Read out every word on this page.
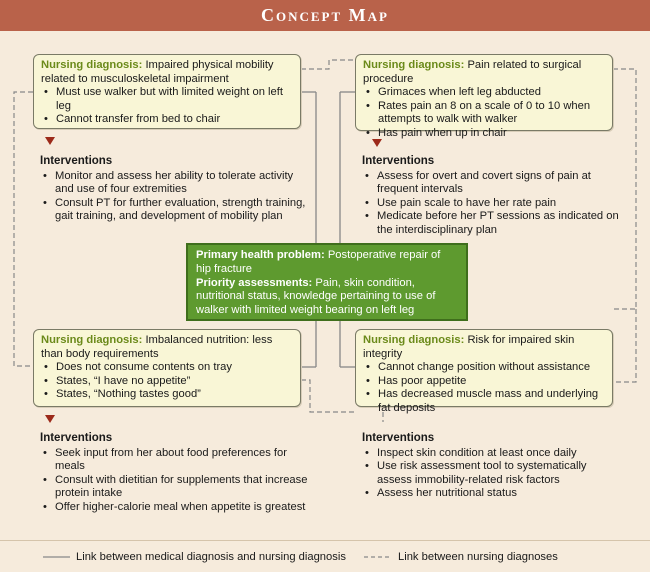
Concept Map
Nursing diagnosis: Impaired physical mobility related to musculoskeletal impairment
• Must use walker but with limited weight on left leg
• Cannot transfer from bed to chair
Interventions
• Monitor and assess her ability to tolerate activity and use of four extremities
• Consult PT for further evaluation, strength training, gait training, and development of mobility plan
Nursing diagnosis: Pain related to surgical procedure
• Grimaces when left leg abducted
• Rates pain an 8 on a scale of 0 to 10 when attempts to walk with walker
• Has pain when up in chair
Interventions
• Assess for overt and covert signs of pain at frequent intervals
• Use pain scale to have her rate pain
• Medicate before her PT sessions as indicated on the interdisciplinary plan
Primary health problem: Postoperative repair of hip fracture
Priority assessments: Pain, skin condition, nutritional status, knowledge pertaining to use of walker with limited weight bearing on left leg
Nursing diagnosis: Imbalanced nutrition: less than body requirements
• Does not consume contents on tray
• States, “I have no appetite”
• States, “Nothing tastes good”
Interventions
• Seek input from her about food preferences for meals
• Consult with dietitian for supplements that increase protein intake
• Offer higher-calorie meal when appetite is greatest
Nursing diagnosis: Risk for impaired skin integrity
• Cannot change position without assistance
• Has poor appetite
• Has decreased muscle mass and underlying fat deposits
Interventions
• Inspect skin condition at least once daily
• Use risk assessment tool to systematically assess immobility-related risk factors
• Assess her nutritional status
Link between medical diagnosis and nursing diagnosis	Link between nursing diagnoses
